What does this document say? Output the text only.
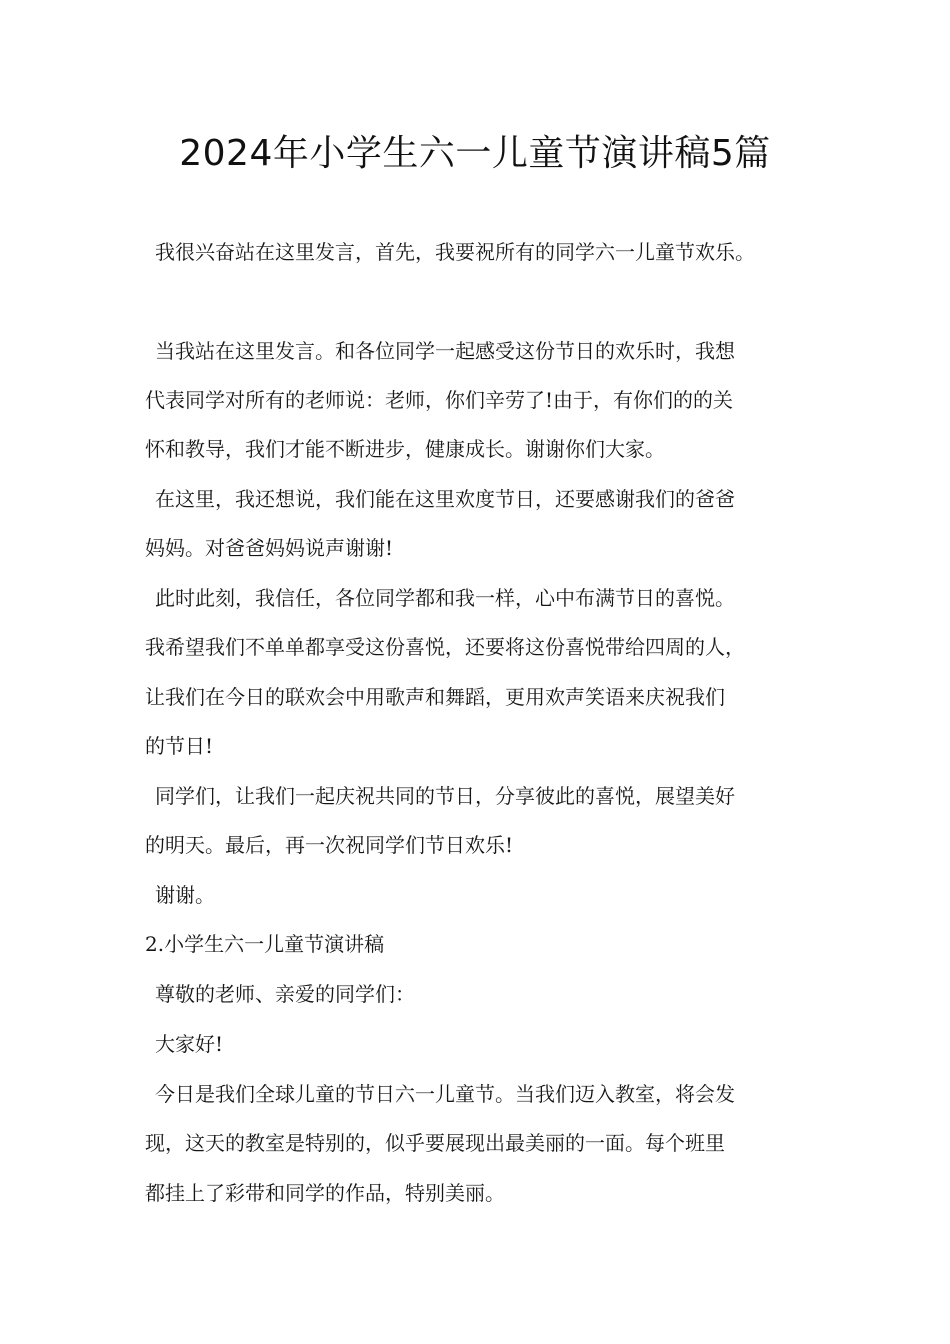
2024年小学生六一儿童节演讲稿5篇
我很兴奋站在这里发言，首先，我要祝所有的同学六一儿童节欢乐。
当我站在这里发言。和各位同学一起感受这份节日的欢乐时，我想
代表同学对所有的老师说：老师，你们辛劳了!由于，有你们的的关
怀和教导，我们才能不断进步，健康成长。谢谢你们大家。
在这里，我还想说，我们能在这里欢度节日，还要感谢我们的爸爸
妈妈。对爸爸妈妈说声谢谢!
此时此刻，我信任，各位同学都和我一样，心中布满节日的喜悦。
我希望我们不单单都享受这份喜悦，还要将这份喜悦带给四周的人，
让我们在今日的联欢会中用歌声和舞蹈，更用欢声笑语来庆祝我们
的节日!
同学们，让我们一起庆祝共同的节日，分享彼此的喜悦，展望美好
的明天。最后，再一次祝同学们节日欢乐!
谢谢。
2.小学生六一儿童节演讲稿
尊敬的老师、亲爱的同学们：
大家好!
今日是我们全球儿童的节日六一儿童节。当我们迈入教室，将会发
现，这天的教室是特别的，似乎要展现出最美丽的一面。每个班里
都挂上了彩带和同学的作品，特别美丽。
